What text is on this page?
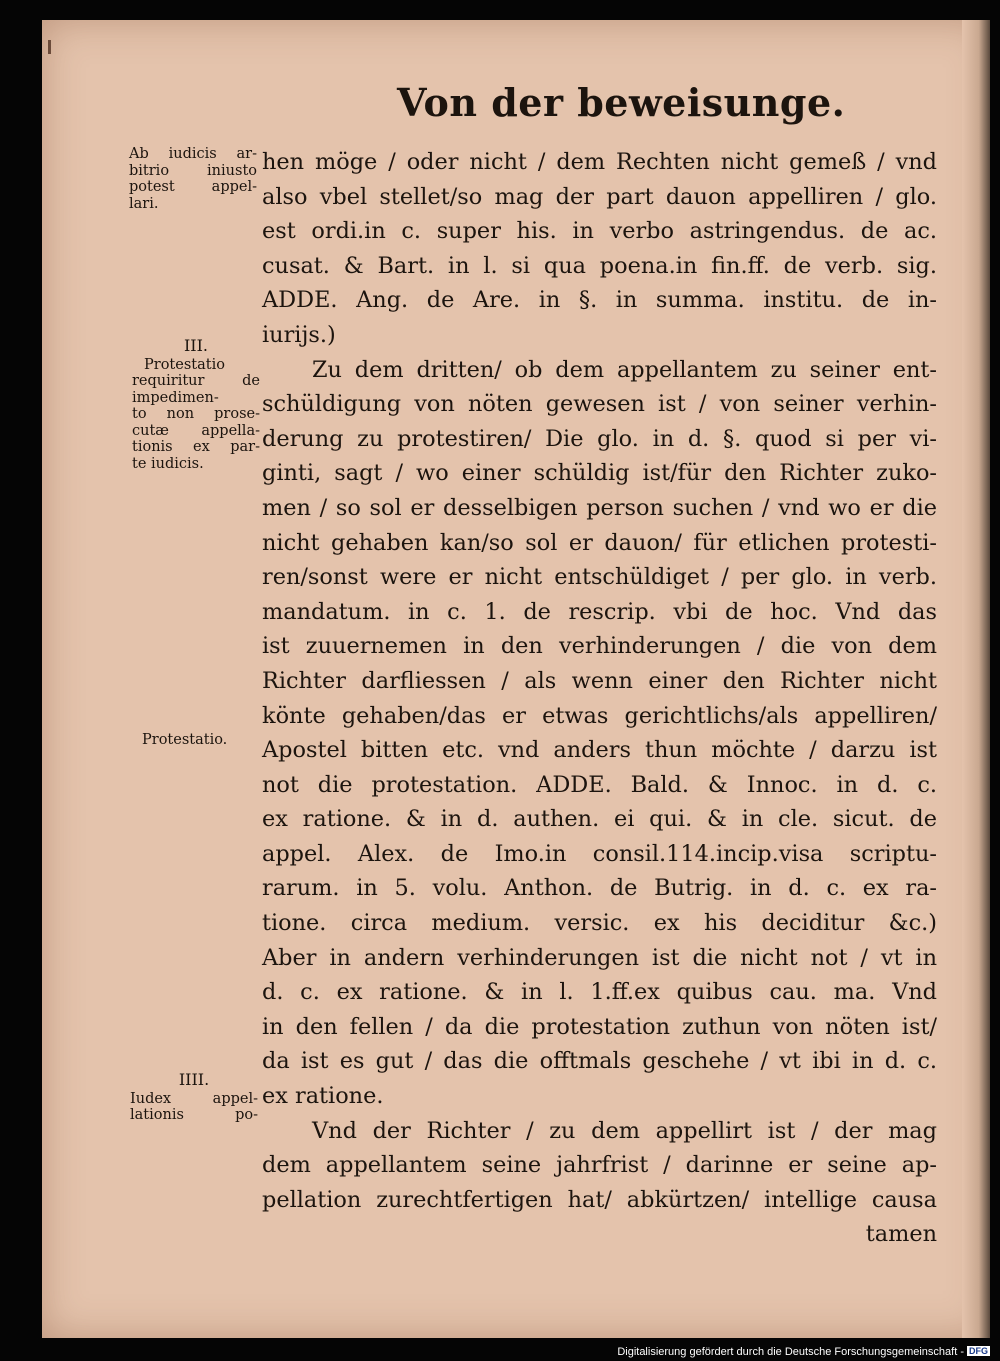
Von der beweisunge.
Ab iudicis ar-
bitrio iniusto
potest appel-
lari.
III.
Protestatio
requiritur de
impedimen-
to non prose-
cutæ appella-
tionis ex par-
te iudicis.
Protestatio.
IIII.
Iudex appel-
lationis po-
hen möge / oder nicht / dem Rechten nicht gemeß / vnd
also vbel stellet/so mag der part dauon appelliren / glo.
est ordi.in c. super his. in verbo astringendus. de ac.
cusat. & Bart. in l. si qua poena.in fin.ff. de verb. sig.
ADDE. Ang. de Are. in §. in summa. institu. de in-
iurijs.)
Zu dem dritten/ ob dem appellantem zu seiner ent-
schüldigung von nöten gewesen ist / von seiner verhin-
derung zu protestiren/ Die glo. in d. §. quod si per vi-
ginti, sagt / wo einer schüldig ist/für den Richter zuko-
men / so sol er desselbigen person suchen / vnd wo er die
nicht gehaben kan/so sol er dauon/ für etlichen protesti-
ren/sonst were er nicht entschüldiget / per glo. in verb.
mandatum. in c. 1. de rescrip. vbi de hoc. Vnd das
ist zuuernemen in den verhinderungen / die von dem
Richter darfliessen / als wenn einer den Richter nicht
könte gehaben/das er etwas gerichtlichs/als appelliren/
Apostel bitten etc. vnd anders thun möchte / darzu ist
not die protestation. ADDE. Bald. & Innoc. in d. c.
ex ratione. & in d. authen. ei qui. & in cle. sicut. de
appel. Alex. de Imo.in consil.114.incip.visa scriptu-
rarum. in 5. volu. Anthon. de Butrig. in d. c. ex ra-
tione. circa medium. versic. ex his deciditur &c.)
Aber in andern verhinderungen ist die nicht not / vt in
d. c. ex ratione. & in l. 1.ff.ex quibus cau. ma. Vnd
in den fellen / da die protestation zuthun von nöten ist/
da ist es gut / das die offtmals geschehe / vt ibi in d. c.
ex ratione.
Vnd der Richter / zu dem appellirt ist / der mag
dem appellantem seine jahrfrist / darinne er seine ap-
pellation zurechtfertigen hat/ abkürtzen/ intellige causa
tamen
Digitalisierung gefördert durch die Deutsche Forschungsgemeinschaft - DFG
